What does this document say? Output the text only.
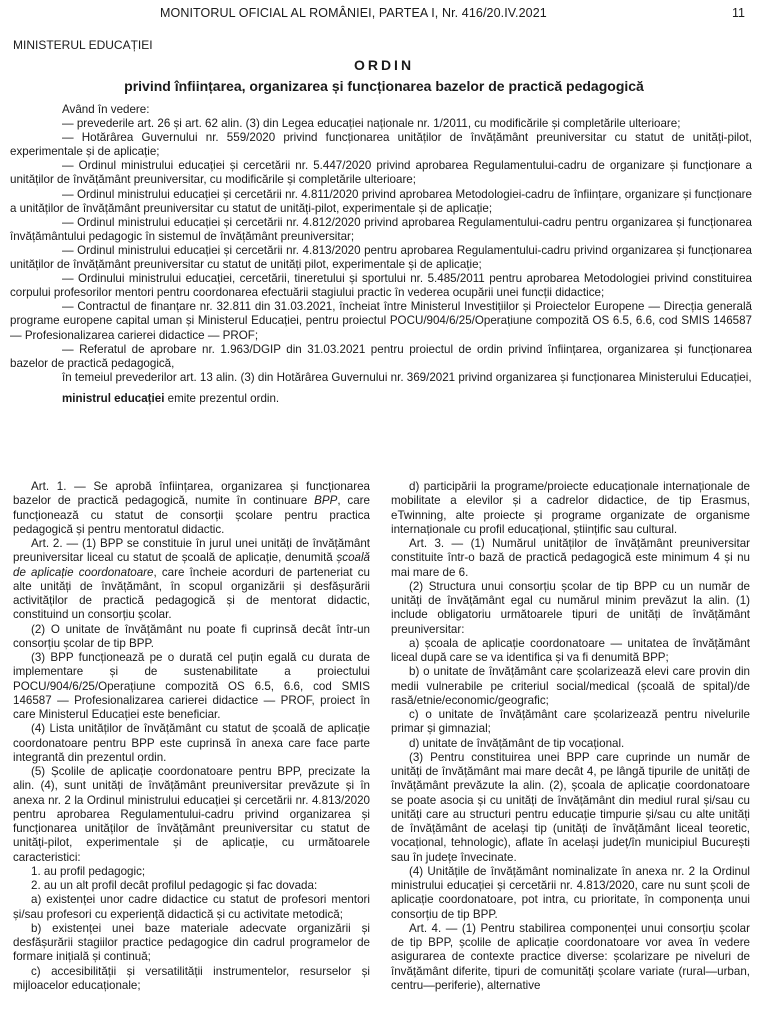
MONITORUL OFICIAL AL ROMÂNIEI, PARTEA I, Nr. 416/20.IV.2021	11
MINISTERUL EDUCAȚIEI
ORDIN
privind înființarea, organizarea și funcționarea bazelor de practică pedagogică

Având în vedere:

— prevederile art. 26 și art. 62 alin. (3) din Legea educației naționale nr. 1/2011, cu modificările și completările ulterioare;

— Hotărârea Guvernului nr. 559/2020 privind funcționarea unităților de învățământ preuniversitar cu statut de unități-pilot, experimentale și de aplicație;

— Ordinul ministrului educației și cercetării nr. 5.447/2020 privind aprobarea Regulamentului-cadru de organizare și funcționare a unităților de învățământ preuniversitar, cu modificările și completările ulterioare;

— Ordinul ministrului educației și cercetării nr. 4.811/2020 privind aprobarea Metodologiei-cadru de înființare, organizare și funcționare a unităților de învățământ preuniversitar cu statut de unități-pilot, experimentale și de aplicație;

— Ordinul ministrului educației și cercetării nr. 4.812/2020 privind aprobarea Regulamentului-cadru pentru organizarea și funcționarea învățământului pedagogic în sistemul de învățământ preuniversitar;

— Ordinul ministrului educației și cercetării nr. 4.813/2020 pentru aprobarea Regulamentului-cadru privind organizarea și funcționarea unităților de învățământ preuniversitar cu statut de unități pilot, experimentale și de aplicație;

— Ordinului ministrului educației, cercetării, tineretului și sportului nr. 5.485/2011 pentru aprobarea Metodologiei privind constituirea corpului profesorilor mentori pentru coordonarea efectuării stagiului practic în vederea ocupării unei funcții didactice;

— Contractul de finanțare nr. 32.811 din 31.03.2021, încheiat între Ministerul Investițiilor și Proiectelor Europene — Direcția generală programe europene capital uman și Ministerul Educației, pentru proiectul POCU/904/6/25/Operațiune compozită OS 6.5, 6.6, cod SMIS 146587 — Profesionalizarea carierei didactice — PROF;

— Referatul de aprobare nr. 1.963/DGIP din 31.03.2021 pentru proiectul de ordin privind înființarea, organizarea și funcționarea bazelor de practică pedagogică,

în temeiul prevederilor art. 13 alin. (3) din Hotărârea Guvernului nr. 369/2021 privind organizarea și funcționarea Ministerului Educației,

ministrul educației emite prezentul ordin.

Art. 1. — Se aprobă înființarea, organizarea și funcționarea bazelor de practică pedagogică, numite în continuare BPP, care funcționează cu statut de consorții școlare pentru practica pedagogică și pentru mentoratul didactic.

Art. 2. — (1) BPP se constituie în jurul unei unități de învățământ preuniversitar liceal cu statut de școală de aplicație, denumită școală de aplicație coordonatoare, care încheie acorduri de parteneriat cu alte unități de învățământ, în scopul organizării și desfășurării activităților de practică pedagogică și de mentorat didactic, constituind un consorțiu școlar.

(2) O unitate de învățământ nu poate fi cuprinsă decât într-un consorțiu școlar de tip BPP.

(3) BPP funcționează pe o durată cel puțin egală cu durata de implementare și de sustenabilitate a proiectului POCU/904/6/25/Operațiune compozită OS 6.5, 6.6, cod SMIS 146587 — Profesionalizarea carierei didactice — PROF, proiect în care Ministerul Educației este beneficiar.

(4) Lista unităților de învățământ cu statut de școală de aplicație coordonatoare pentru BPP este cuprinsă în anexa care face parte integrantă din prezentul ordin.

(5) Școlile de aplicație coordonatoare pentru BPP, precizate la alin. (4), sunt unități de învățământ preuniversitar prevăzute și în anexa nr. 2 la Ordinul ministrului educației și cercetării nr. 4.813/2020 pentru aprobarea Regulamentului-cadru privind organizarea și funcționarea unităților de învățământ preuniversitar cu statut de unități-pilot, experimentale și de aplicație, cu următoarele caracteristici:

1. au profil pedagogic;

2. au un alt profil decât profilul pedagogic și fac dovada:

a) existenței unor cadre didactice cu statut de profesori mentori și/sau profesori cu experiență didactică și cu activitate metodică;

b) existenței unei baze materiale adecvate organizării și desfășurării stagiilor practice pedagogice din cadrul programelor de formare inițială și continuă;

c) accesibilității și versatilității instrumentelor, resurselor și mijloacelor educaționale;

d) participării la programe/proiecte educaționale internaționale de mobilitate a elevilor și a cadrelor didactice, de tip Erasmus, eTwinning, alte proiecte și programe organizate de organisme internaționale cu profil educațional, științific sau cultural.

Art. 3. — (1) Numărul unităților de învățământ preuniversitar constituite într-o bază de practică pedagogică este minimum 4 și nu mai mare de 6.

(2) Structura unui consorțiu școlar de tip BPP cu un număr de unități de învățământ egal cu numărul minim prevăzut la alin. (1) include obligatoriu următoarele tipuri de unități de învățământ preuniversitar:

a) școala de aplicație coordonatoare — unitatea de învățământ liceal după care se va identifica și va fi denumită BPP;

b) o unitate de învățământ care școlarizează elevi care provin din medii vulnerabile pe criteriul social/medical (școală de spital)/de rasă/etnie/economic/geografic;

c) o unitate de învățământ care școlarizează pentru nivelurile primar și gimnazial;

d) unitate de învățământ de tip vocațional.

(3) Pentru constituirea unei BPP care cuprinde un număr de unități de învățământ mai mare decât 4, pe lângă tipurile de unități de învățământ prevăzute la alin. (2), școala de aplicație coordonatoare se poate asocia și cu unități de învățământ din mediul rural și/sau cu unități care au structuri pentru educație timpurie și/sau cu alte unități de învățământ de același tip (unități de învățământ liceal teoretic, vocațional, tehnologic), aflate în același județ/în municipiul București sau în județe învecinate.

(4) Unitățile de învățământ nominalizate în anexa nr. 2 la Ordinul ministrului educației și cercetării nr. 4.813/2020, care nu sunt școli de aplicație coordonatoare, pot intra, cu prioritate, în componența unui consorțiu de tip BPP.

Art. 4. — (1) Pentru stabilirea componenței unui consorțiu școlar de tip BPP, școlile de aplicație coordonatoare vor avea în vedere asigurarea de contexte practice diverse: școlarizare pe niveluri de învățământ diferite, tipuri de comunități școlare variate (rural—urban, centru—periferie), alternative
